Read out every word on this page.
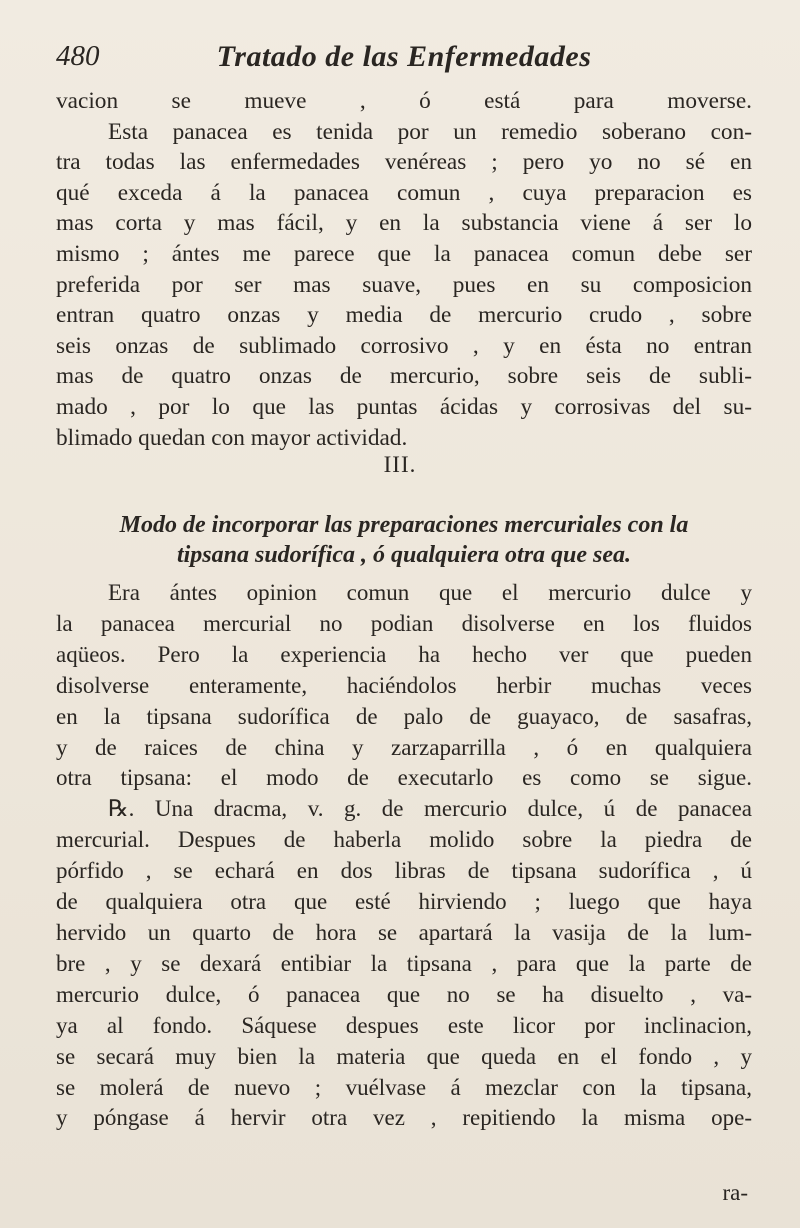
480	Tratado de las Enfermedades

vacion se mueve , ó está para moverse.

Esta panacea es tenida por un remedio soberano con-

tra todas las enfermedades venéreas ; pero yo no sé en

qué exceda á la panacea comun , cuya preparacion es

mas corta y mas fácil, y en la substancia viene á ser lo

mismo ; ántes me parece que la panacea comun debe ser

preferida por ser mas suave, pues en su composicion

entran quatro onzas y media de mercurio crudo , sobre

seis onzas de sublimado corrosivo , y en ésta no entran

mas de quatro onzas de mercurio, sobre seis de subli-

mado , por lo que las puntas ácidas y corrosivas del su-

blimado quedan con mayor actividad.

III.
Modo de incorporar las preparaciones mercuriales con la
tipsana sudorífica , ó qualquiera otra que sea.

Era ántes opinion comun que el mercurio dulce y

la panacea mercurial no podian disolverse en los fluidos

aqüeos. Pero la experiencia ha hecho ver que pueden

disolverse enteramente, haciéndolos herbir muchas veces

en la tipsana sudorífica de palo de guayaco, de sasafras,

y de raices de china y zarzaparrilla , ó en qualquiera

otra tipsana: el modo de executarlo es como se sigue.

℞. Una dracma, v. g. de mercurio dulce, ú de panacea

mercurial. Despues de haberla molido sobre la piedra de

pórfido , se echará en dos libras de tipsana sudorífica , ú

de qualquiera otra que esté hirviendo ; luego que haya

hervido un quarto de hora se apartará la vasija de la lum-

bre , y se dexará entibiar la tipsana , para que la parte de

mercurio dulce, ó panacea que no se ha disuelto , va-

ya al fondo. Sáquese despues este licor por inclinacion,

se secará muy bien la materia que queda en el fondo , y

se molerá de nuevo ; vuélvase á mezclar con la tipsana,

y póngase á hervir otra vez , repitiendo la misma ope-

ra-
